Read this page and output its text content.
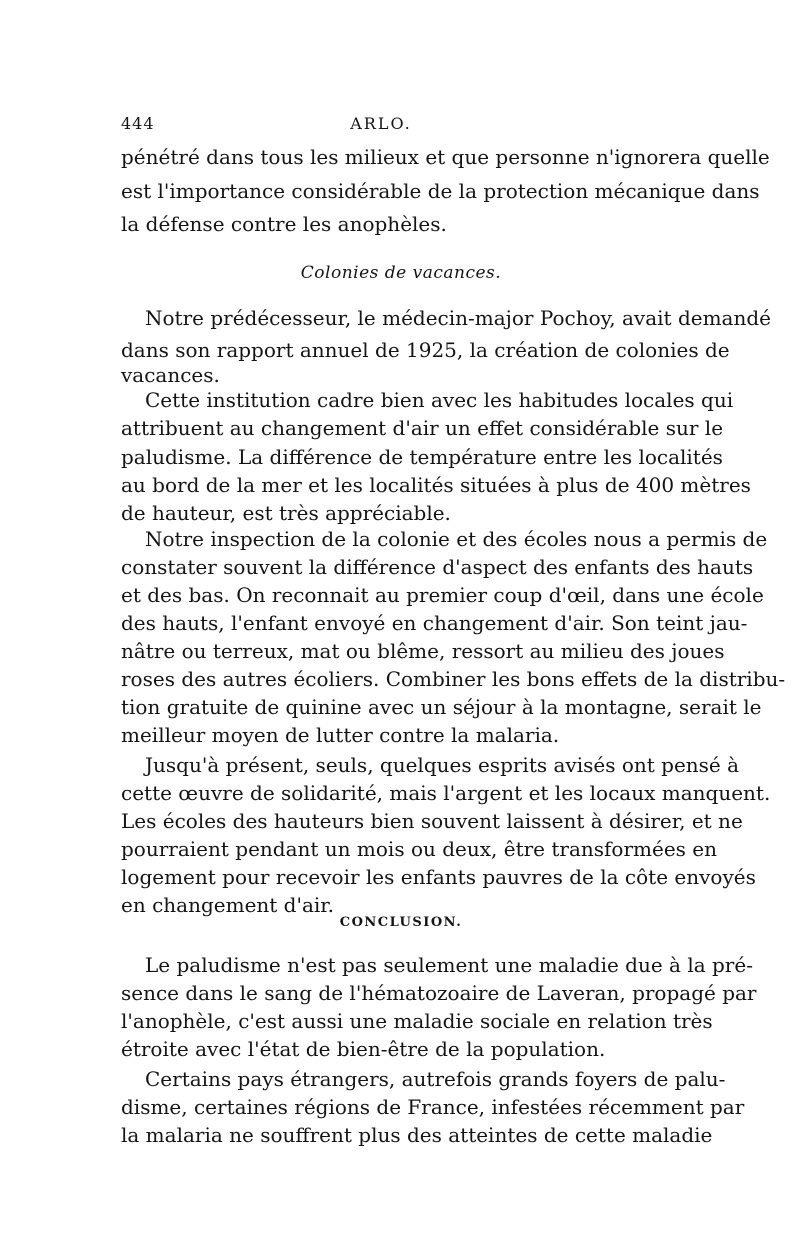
444	ARLO.
pénétré dans tous les milieux et que personne n'ignorera quelle
est l'importance considérable de la protection mécanique dans
la défense contre les anophèles.
Colonies de vacances.
Notre prédécesseur, le médecin-major Pochoy, avait demandé
dans son rapport annuel de 1925, la création de colonies de
vacances.
Cette institution cadre bien avec les habitudes locales qui
attribuent au changement d'air un effet considérable sur le
paludisme. La différence de température entre les localités
au bord de la mer et les localités situées à plus de 400 mètres
de hauteur, est très appréciable.
Notre inspection de la colonie et des écoles nous a permis de
constater souvent la différence d'aspect des enfants des hauts
et des bas. On reconnait au premier coup d'œil, dans une école
des hauts, l'enfant envoyé en changement d'air. Son teint jau-
nâtre ou terreux, mat ou blême, ressort au milieu des joues
roses des autres écoliers. Combiner les bons effets de la distribu-
tion gratuite de quinine avec un séjour à la montagne, serait le
meilleur moyen de lutter contre la malaria.
Jusqu'à présent, seuls, quelques esprits avisés ont pensé à
cette œuvre de solidarité, mais l'argent et les locaux manquent.
Les écoles des hauteurs bien souvent laissent à désirer, et ne
pourraient pendant un mois ou deux, être transformées en
logement pour recevoir les enfants pauvres de la côte envoyés
en changement d'air.
CONCLUSION.
Le paludisme n'est pas seulement une maladie due à la pré-
sence dans le sang de l'hématozoaire de Laveran, propagé par
l'anophèle, c'est aussi une maladie sociale en relation très
étroite avec l'état de bien-être de la population.
Certains pays étrangers, autrefois grands foyers de palu-
disme, certaines régions de France, infestées récemment par
la malaria ne souffrent plus des atteintes de cette maladie
